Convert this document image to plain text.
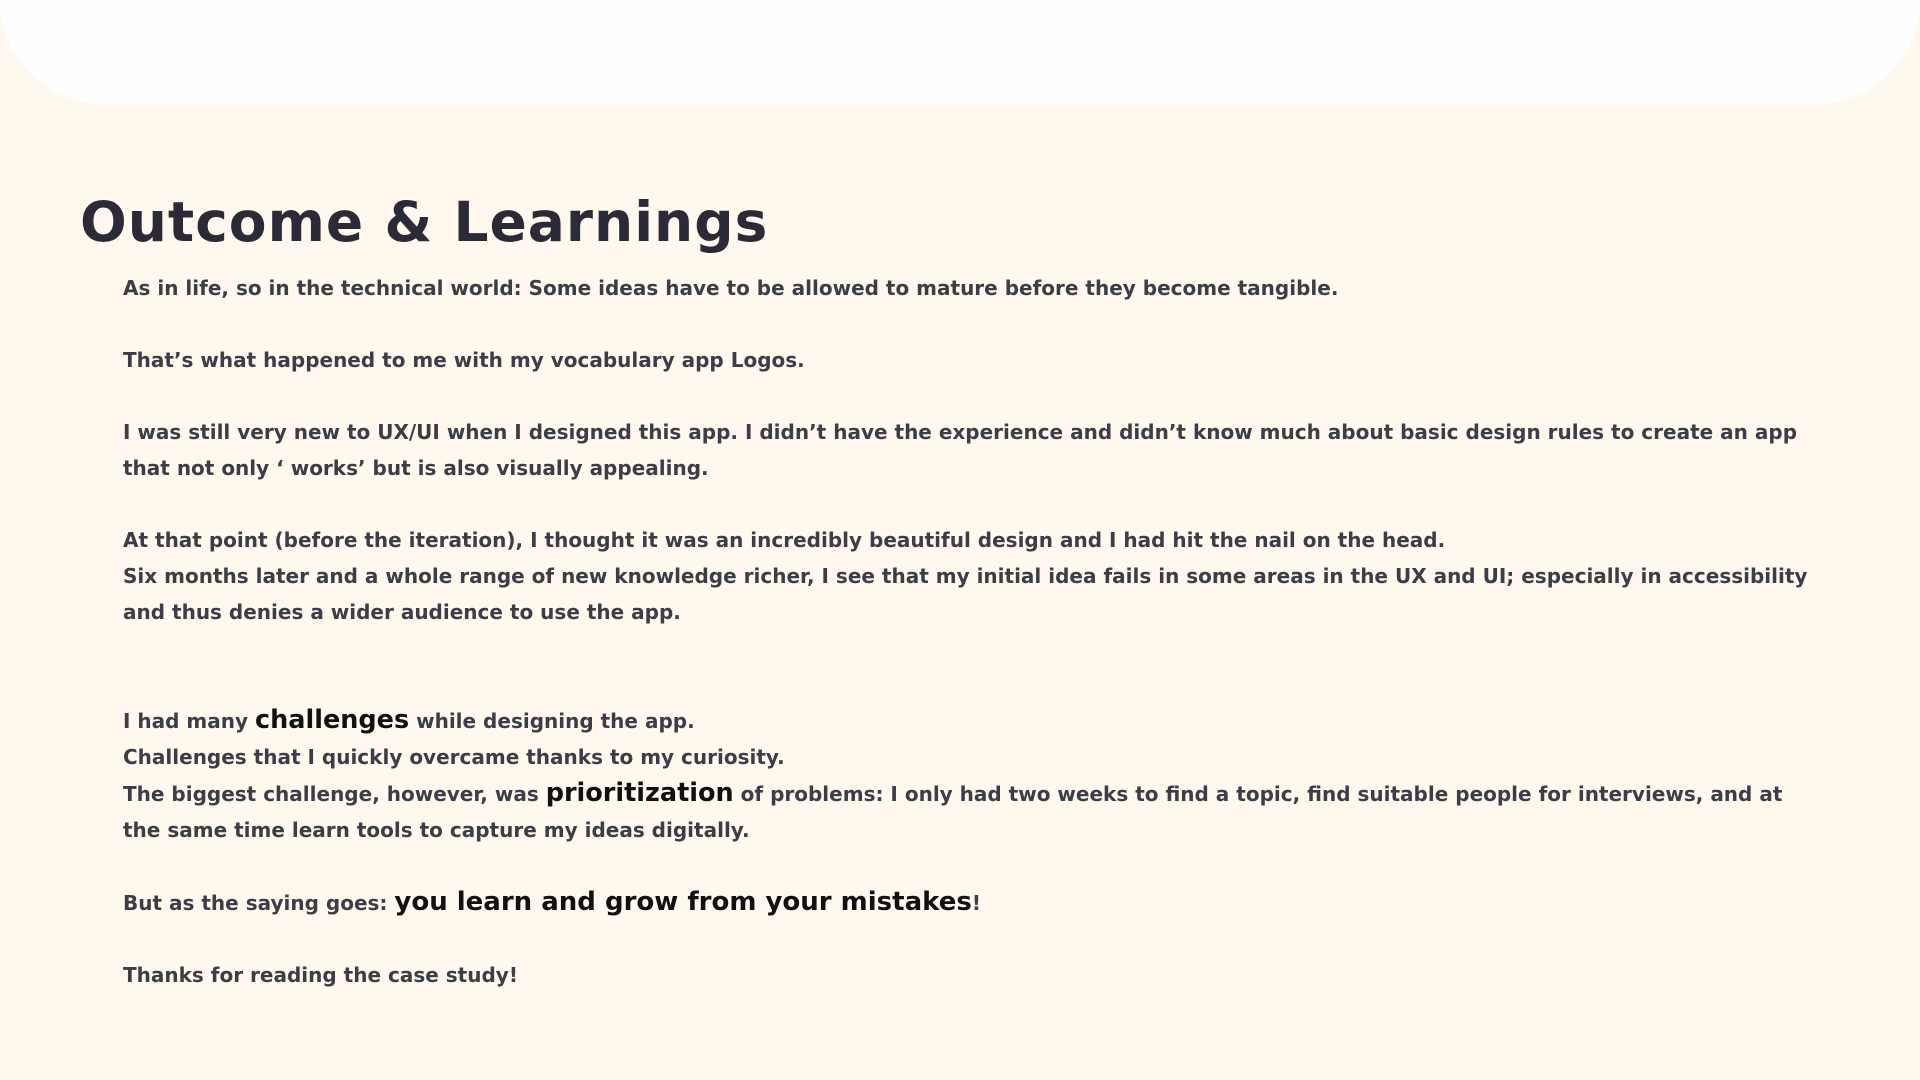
Outcome & Learnings

As in life, so in the technical world: Some ideas have to be allowed to mature before they become tangible.

That’s what happened to me with my vocabulary app Logos.

I was still very new to UX/UI when I designed this app. I didn’t have the experience and didn’t know much about basic design rules to create an app that not only ‘ works’ but is also visually appealing.

At that point (before the iteration), I thought it was an incredibly beautiful design and I had hit the nail on the head.

Six months later and a whole range of new knowledge richer, I see that my initial idea fails in some areas in the UX and UI; especially in accessibility and thus denies a wider audience to use the app.

I had many challenges while designing the app.

Challenges that I quickly overcame thanks to my curiosity.

The biggest challenge, however, was prioritization of problems: I only had two weeks to find a topic, find suitable people for interviews, and at the same time learn tools to capture my ideas digitally.

But as the saying goes: you learn and grow from your mistakes!

Thanks for reading the case study!
